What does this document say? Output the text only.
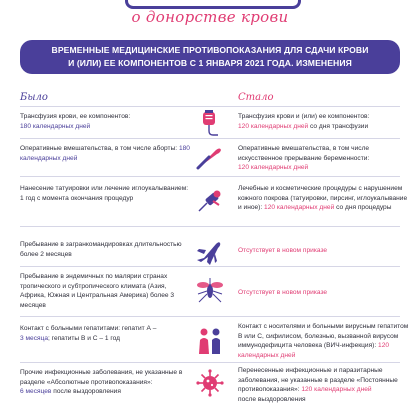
о донорстве крови
ВРЕМЕННЫЕ МЕДИЦИНСКИЕ ПРОТИВОПОКАЗАНИЯ ДЛЯ СДАЧИ КРОВИ
И (ИЛИ) ЕЕ КОМПОНЕНТОВ С 1 ЯНВАРЯ 2021 ГОДА. ИЗМЕНЕНИЯ
Было	Стало
Трансфузия крови, ее компонентов:
180 календарных дней
Трансфузия крови и (или) ее компонентов:
120 календарных дней со дня трансфузии
Оперативные вмешательства, в том числе аборты: 180 календарных дней
Оперативные вмешательства, в том числе искусственное прерывание беременности:
120 календарных дней
Нанесение татуировки или лечение иглоукалыванием: 1 год с момента окончания процедур
Лечебные и косметические процедуры с нарушением кожного покрова (татуировки, пирсинг, иглоукалывание и иное): 120 календарных дней со дня процедуры
Пребывание в загранкомандировках длительностью более 2 месяцев
Отсутствует в новом приказе
Пребывание в эндемичных по малярии странах тропического и субтропического климата (Азия, Африка, Южная и Центральная Америка) более 3 месяцев
Отсутствует в новом приказе
Контакт с больными гепатитами: гепатит А –
3 месяца; гепатиты В и С – 1 год
Контакт с носителями и больными вирусным гепатитом В или С, сифилисом, болезнью, вызванной вирусом иммунодефицита человека (ВИЧ-инфекция): 120 календарных дней
Прочие инфекционные заболевания, не указанные в разделе «Абсолютные противопоказания»:
6 месяцев после выздоровления
Перенесенные инфекционные и паразитарные заболевания, не указанные в разделе «Постоянные противопоказания»: 120 календарных дней
после выздоровления
